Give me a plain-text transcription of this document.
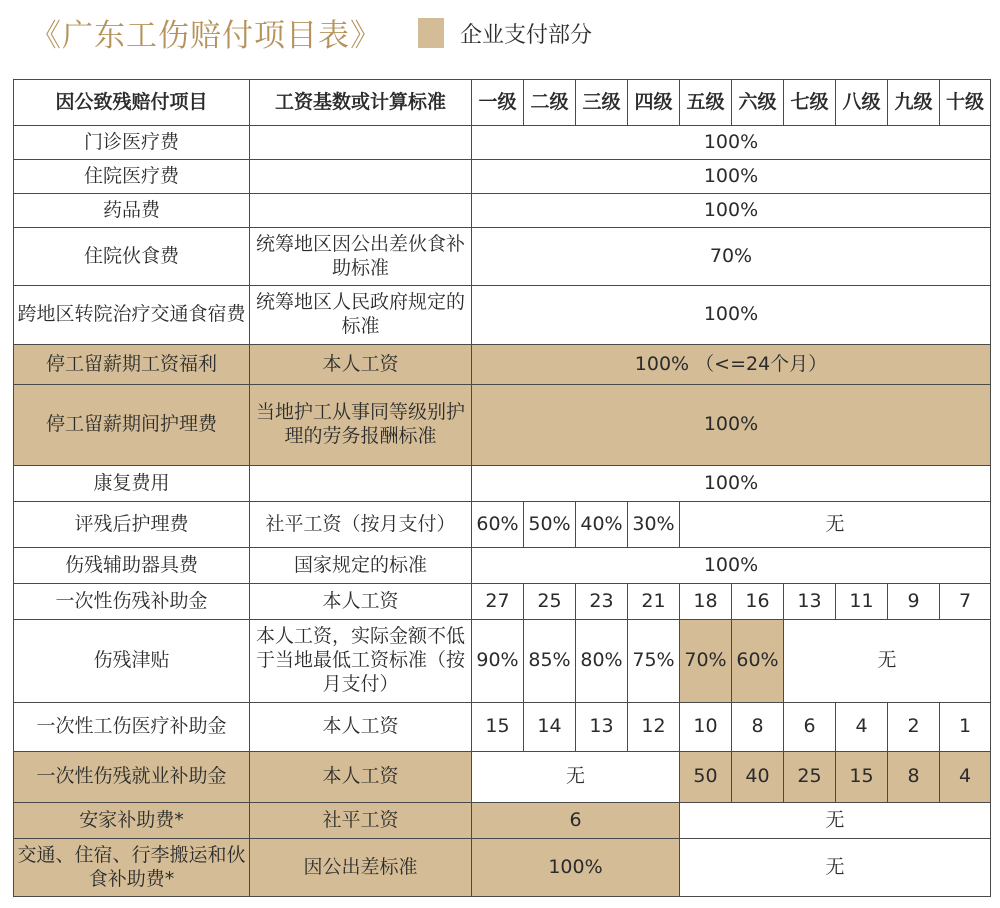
《广东工伤赔付项目表》	企业支付部分
因公致残赔付项目	工资基数或计算标准	一级	二级	三级	四级	五级	六级	七级	八级	九级	十级
门诊医疗费		100%									
住院医疗费		100%									
药品费		100%									
住院伙食费	统筹地区因公出差伙食补助标准	70%									
跨地区转院治疗交通食宿费	统筹地区人民政府规定的标准	100%									
停工留薪期工资福利	本人工资	100% （<=24个月）									
停工留薪期间护理费	当地护工从事同等级别护理的劳务报酬标准	100%									
康复费用		100%									
评残后护理费	社平工资（按月支付）	60%	50%	40%	30%	无					
伤残辅助器具费	国家规定的标准	100%									
一次性伤残补助金	本人工资	27	25	23	21	18	16	13	11	9	7
伤残津贴	本人工资，实际金额不低于当地最低工资标准（按月支付）	90%	85%	80%	75%	70%	60%	无			
一次性工伤医疗补助金	本人工资	15	14	13	12	10	8	6	4	2	1
一次性伤残就业补助金	本人工资	无				50	40	25	15	8	4
安家补助费*	社平工资	6				无					
交通、住宿、行李搬运和伙食补助费*	因公出差标准	100%				无					
